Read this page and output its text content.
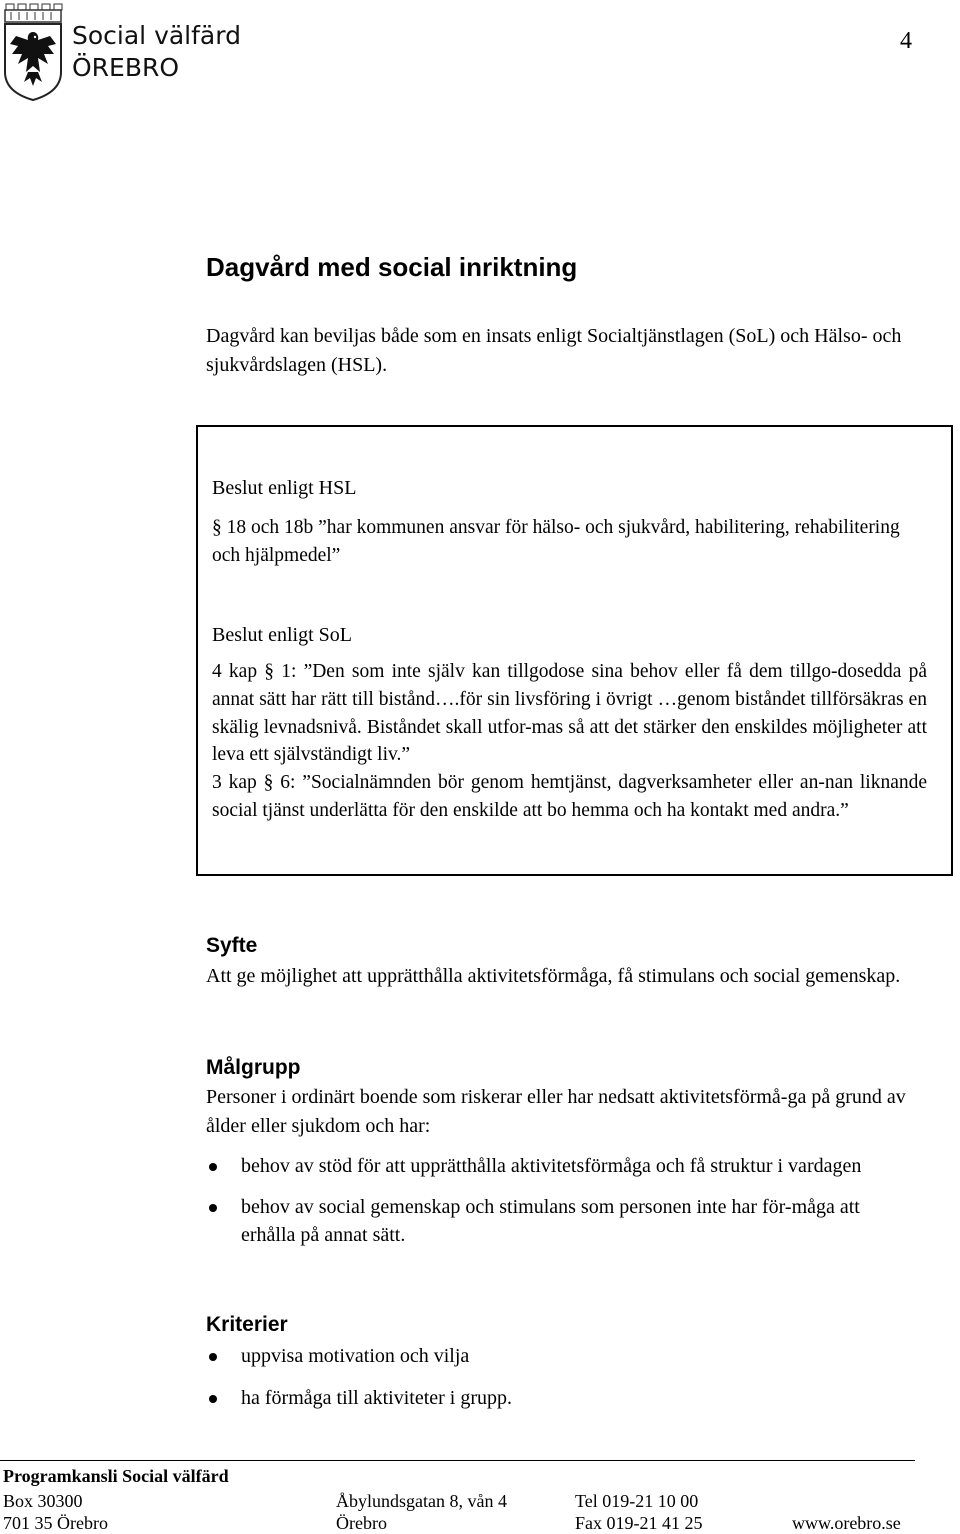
Social välfärd
ÖREBRO
4
Dagvård med social inriktning

Dagvård kan beviljas både som en insats enligt Socialtjänstlagen (SoL) och Hälso- och sjukvårdslagen (HSL).

Beslut enligt HSL

§ 18 och 18b ”har kommunen ansvar för hälso- och sjukvård, habilitering, rehabilitering och hjälpmedel”

Beslut enligt SoL

4 kap § 1: ”Den som inte själv kan tillgodose sina behov eller få dem tillgo-dosedda på annat sätt har rätt till bistånd….för sin livsföring i övrigt …genom biståndet tillförsäkras en skälig levnadsnivå. Biståndet skall utfor-mas så att det stärker den enskildes möjligheter att leva ett självständigt liv.”

3 kap § 6: ”Socialnämnden bör genom hemtjänst, dagverksamheter eller an-nan liknande social tjänst underlätta för den enskilde att bo hemma och ha kontakt med andra.”

Syfte

Att ge möjlighet att upprätthålla aktivitetsförmåga, få stimulans och social gemenskap.

Målgrupp

Personer i ordinärt boende som riskerar eller har nedsatt aktivitetsförmå-ga på grund av ålder eller sjukdom och har:

behov av stöd för att upprätthålla aktivitetsförmåga och få struktur i vardagen
behov av social gemenskap och stimulans som personen inte har för-måga att erhålla på annat sätt.
Kriterier
uppvisa motivation och vilja
ha förmåga till aktiviteter i grupp.
Programkansli Social välfärd
Box 30300
701 35 Örebro
Åbylundsgatan 8, vån 4
Örebro
Tel 019-21 10 00
Fax 019-21 41 25	www.orebro.se
